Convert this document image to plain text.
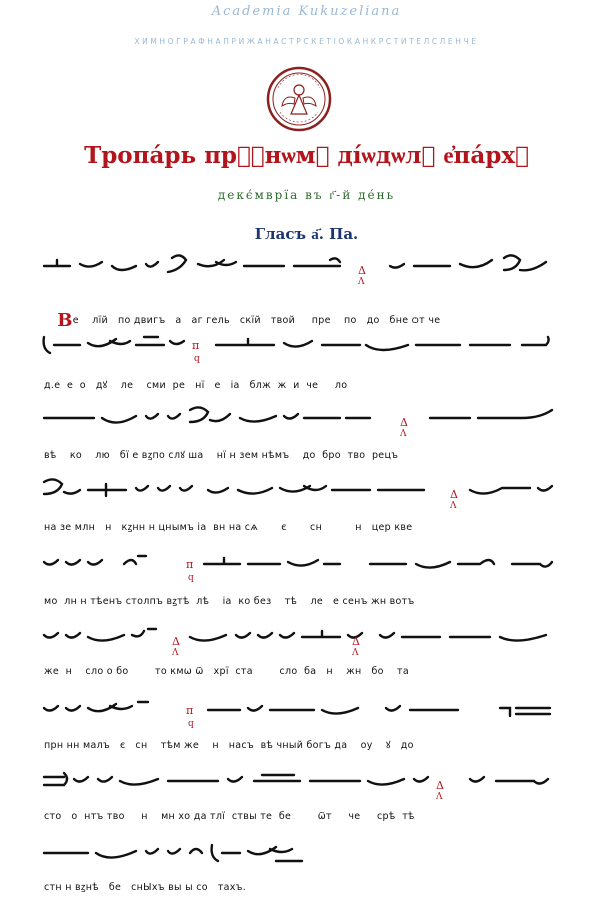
Academia Kukuzeliana
ХИМНОГРАФНАПРИЖАНАСТРСКЕТІОЌАНКРСТИТЕЛСЛЕНЧЕ
Тропа́рь пр҇ⷩнѡмꙋ ді́ѡдѡлꙋ е҆па́рхꙋ
декє́мврїа въ г҃-й де́нь
Гласъ а҃. Па.
Δ
Λ
π
q
Δ
Λ
Δ
Λ
π
q
Δ
Λ
Δ
Λ
π
q
Δ
Λ

Ве    лїй   по двигъ   а   аг гель   скїй   твой     пре    по   до   бне ѻт че

д.е  е  о   дꙋ    ле    сми  ре   нї   е   іа   блж  ж  и  че     ло
вѣ    ко    лю   бї е вꙁпо слꙋ ша    нї н зем нѣмъ    до  бро  тво  рецъ
на зе млн   н   кꙁнн н цнымъ іа  вн на сѧ       є       сн          н   цер кве
мо  лн н тѣенъ столпъ вꙁтѣ  лѣ    іа  ко без    тѣ    ле   е сенъ жн вотъ
же  н    сло о бо        то кмѡ ѿ   хрї  ста        сло  ба   н    жн   бо    та
прн нн малъ   є   сн    тѣм же    н   насъ  вѣ чный богъ да    оу    ꙋ   до
сто   о  нтъ тво     н    мн хо да тлї  ствы те  бе        ѿт     че     срѣ  тѣ
стн н вꙁнѣ   бе   снЫхъ вы ы со   тахъ.
